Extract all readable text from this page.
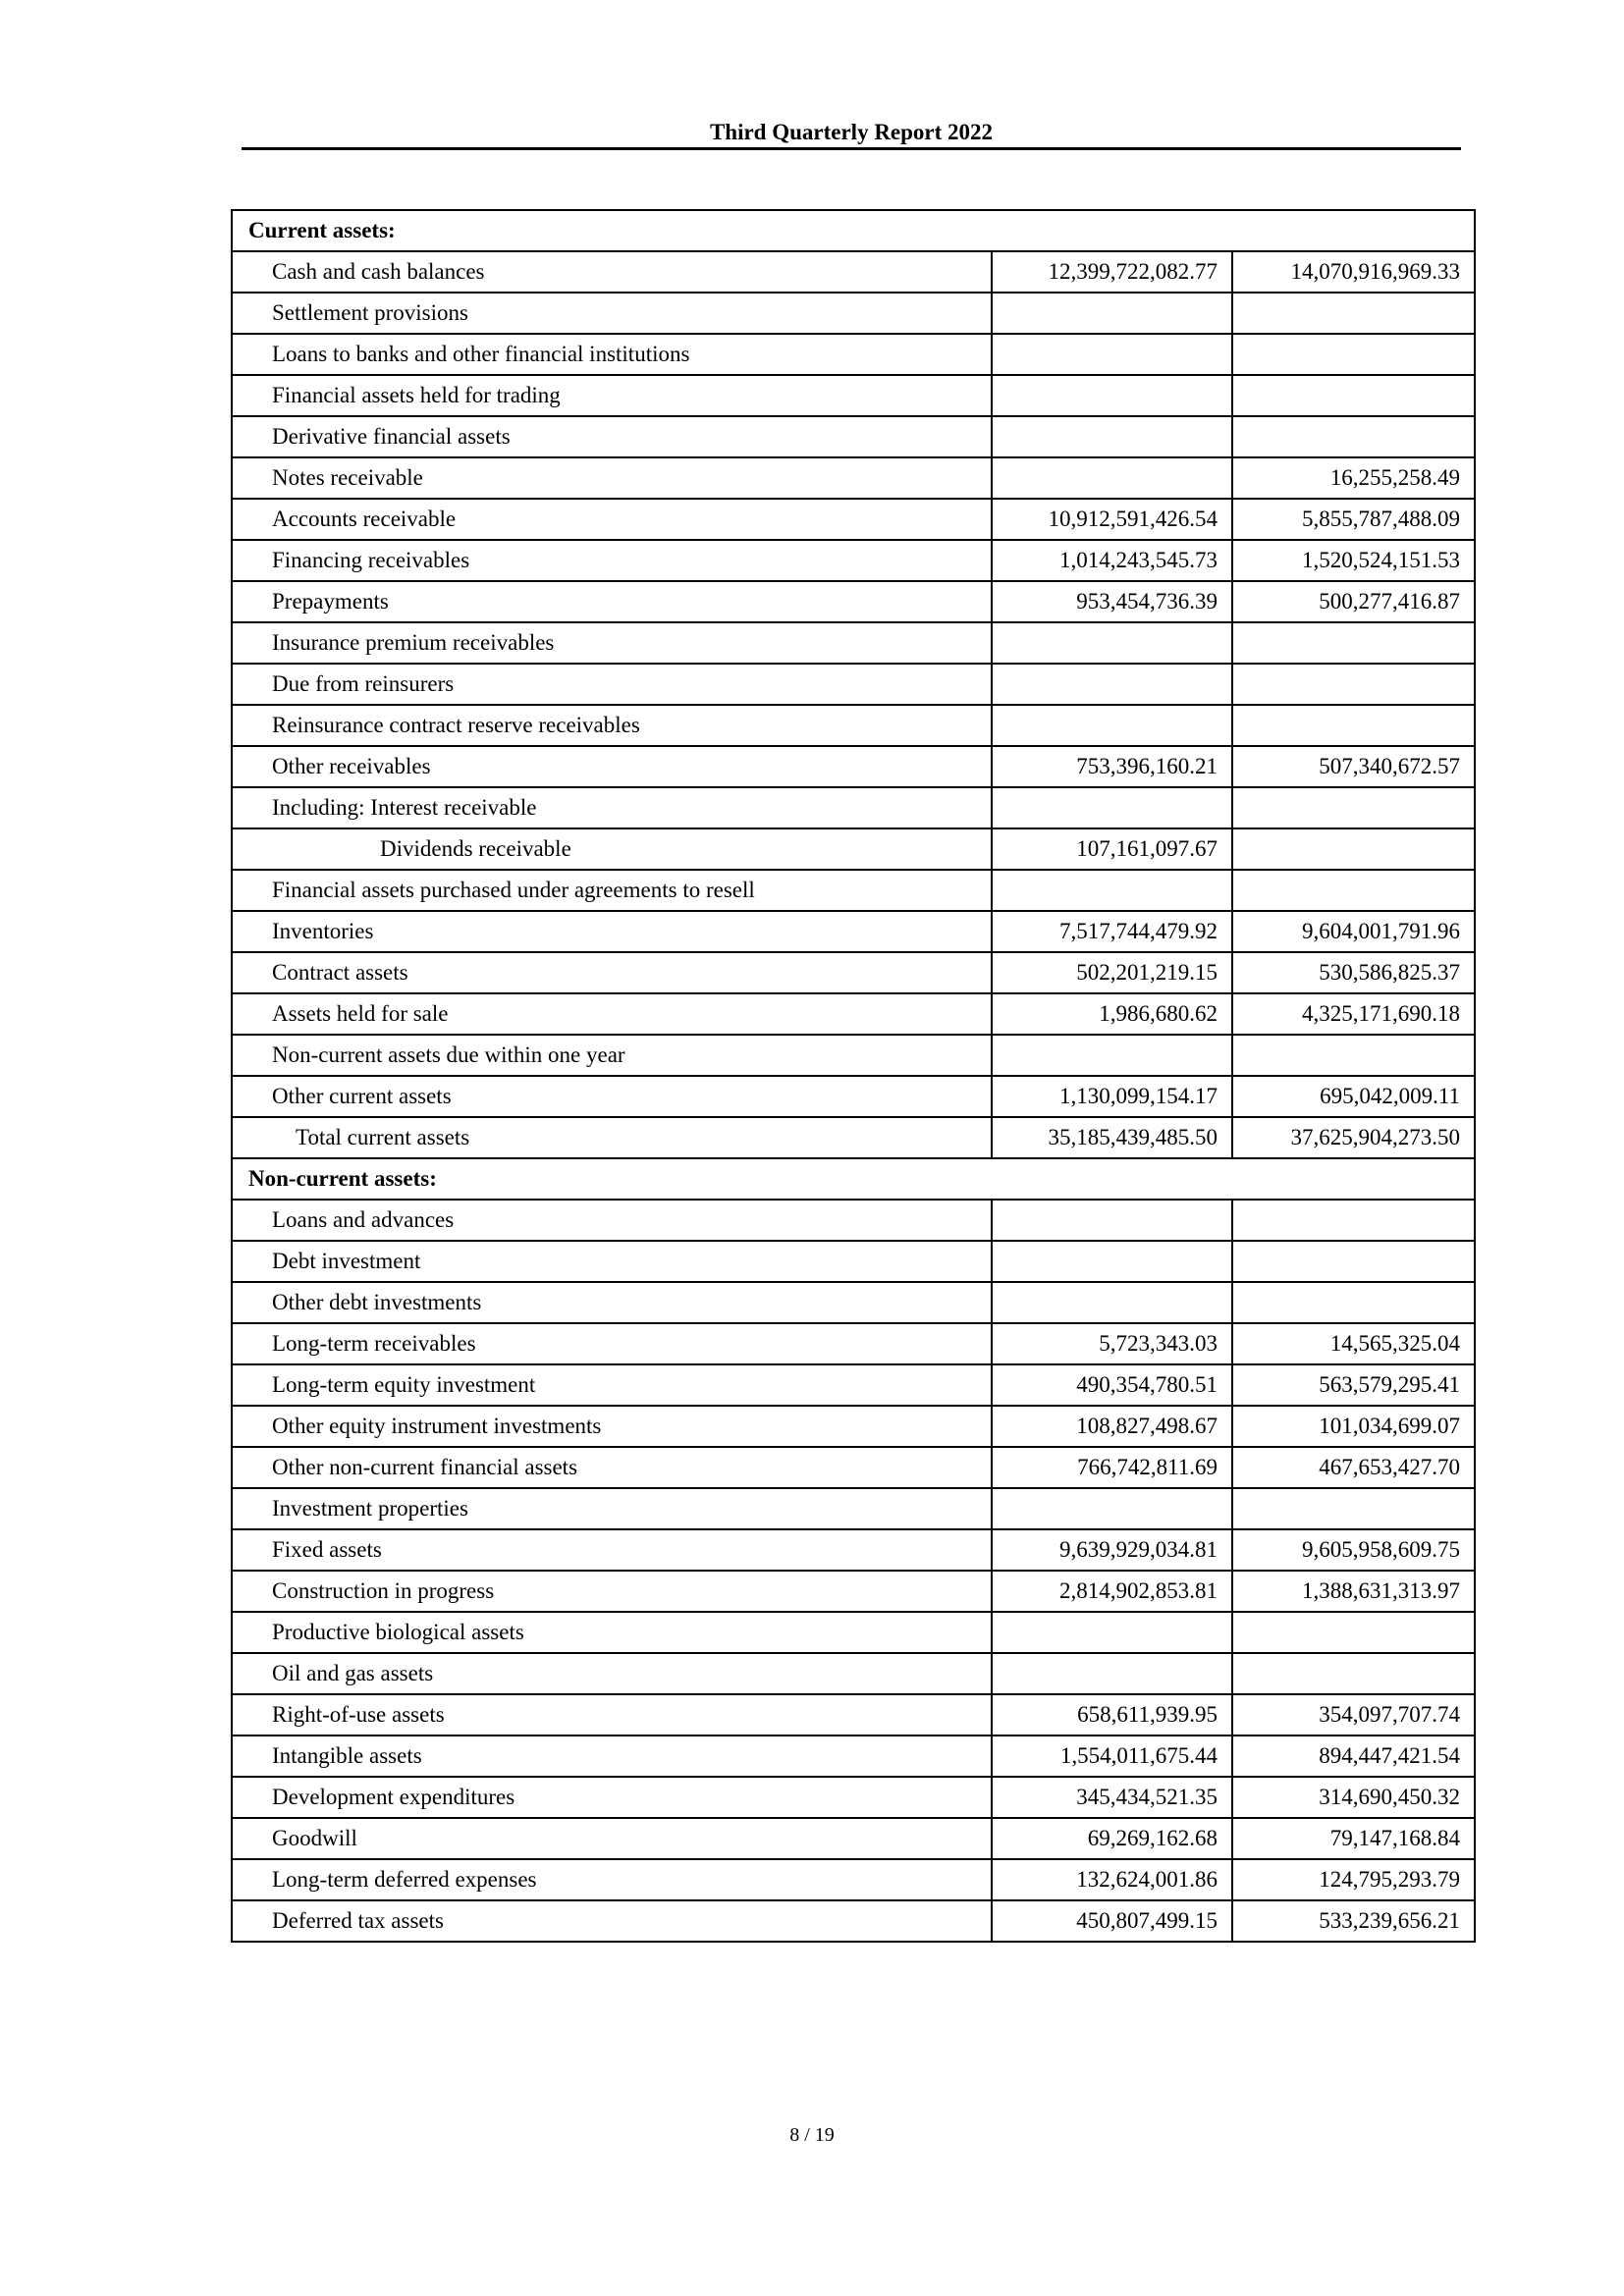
Third Quarterly Report 2022
Current assets:		
Cash and cash balances	12,399,722,082.77	14,070,916,969.33
Settlement provisions		
Loans to banks and other financial institutions		
Financial assets held for trading		
Derivative financial assets		
Notes receivable		16,255,258.49
Accounts receivable	10,912,591,426.54	5,855,787,488.09
Financing receivables	1,014,243,545.73	1,520,524,151.53
Prepayments	953,454,736.39	500,277,416.87
Insurance premium receivables		
Due from reinsurers		
Reinsurance contract reserve receivables		
Other receivables	753,396,160.21	507,340,672.57
Including: Interest receivable		
Dividends receivable	107,161,097.67	
Financial assets purchased under agreements to resell		
Inventories	7,517,744,479.92	9,604,001,791.96
Contract assets	502,201,219.15	530,586,825.37
Assets held for sale	1,986,680.62	4,325,171,690.18
Non-current assets due within one year		
Other current assets	1,130,099,154.17	695,042,009.11
Total current assets	35,185,439,485.50	37,625,904,273.50
Non-current assets:		
Loans and advances		
Debt investment		
Other debt investments		
Long-term receivables	5,723,343.03	14,565,325.04
Long-term equity investment	490,354,780.51	563,579,295.41
Other equity instrument investments	108,827,498.67	101,034,699.07
Other non-current financial assets	766,742,811.69	467,653,427.70
Investment properties		
Fixed assets	9,639,929,034.81	9,605,958,609.75
Construction in progress	2,814,902,853.81	1,388,631,313.97
Productive biological assets		
Oil and gas assets		
Right-of-use assets	658,611,939.95	354,097,707.74
Intangible assets	1,554,011,675.44	894,447,421.54
Development expenditures	345,434,521.35	314,690,450.32
Goodwill	69,269,162.68	79,147,168.84
Long-term deferred expenses	132,624,001.86	124,795,293.79
Deferred tax assets	450,807,499.15	533,239,656.21
8 / 19
